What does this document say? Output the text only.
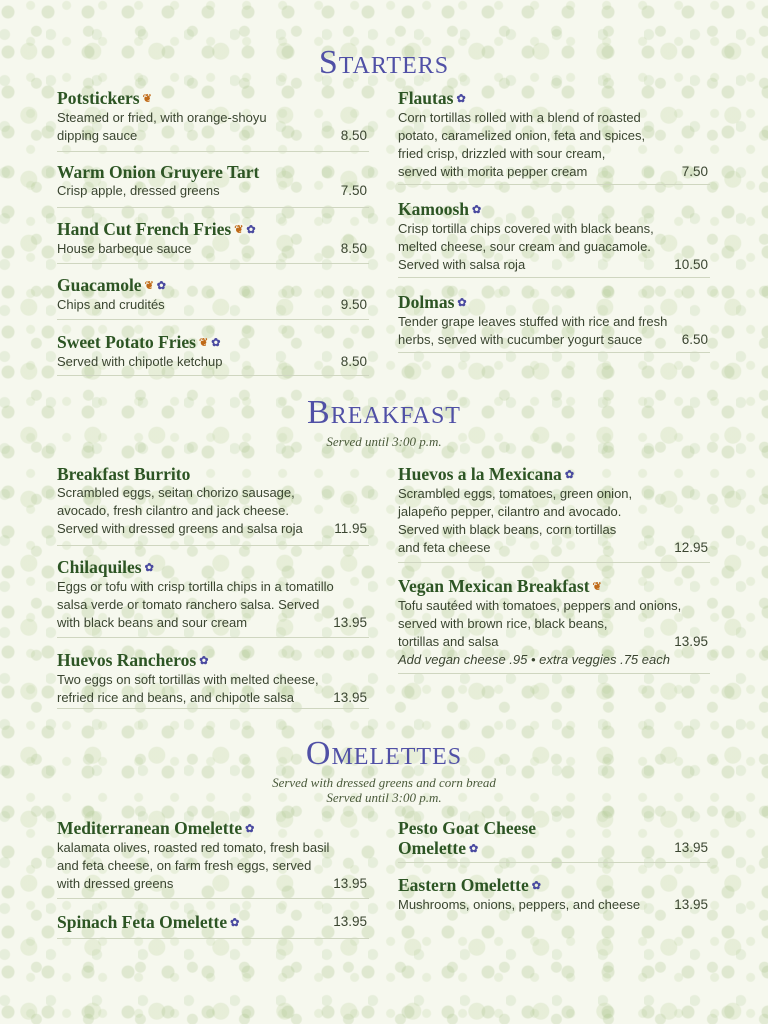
Starters
Potstickers ❦
Steamed or fried, with orange-shoyu
dipping sauce	8.50
Warm Onion Gruyere Tart
Crisp apple, dressed greens	7.50
Hand Cut French Fries ❦ ✿
House barbeque sauce	8.50
Guacamole ❦ ✿
Chips and crudités	9.50
Sweet Potato Fries ❦ ✿
Served with chipotle ketchup	8.50
Flautas ✿
Corn tortillas rolled with a blend of roasted
potato, caramelized onion, feta and spices,
fried crisp, drizzled with sour cream,
served with morita pepper cream	7.50
Kamoosh ✿
Crisp tortilla chips covered with black beans,
melted cheese, sour cream and guacamole.
Served with salsa roja	10.50
Dolmas ✿
Tender grape leaves stuffed with rice and fresh
herbs, served with cucumber yogurt sauce	6.50
Breakfast
Served until 3:00 p.m.
Breakfast Burrito
Scrambled eggs, seitan chorizo sausage,
avocado, fresh cilantro and jack cheese.
Served with dressed greens and salsa roja	11.95
Chilaquiles ✿
Eggs or tofu with crisp tortilla chips in a tomatillo
salsa verde or tomato ranchero salsa. Served
with black beans and sour cream	13.95
Huevos Rancheros ✿
Two eggs on soft tortillas with melted cheese,
refried rice and beans, and chipotle salsa	13.95
Huevos a la Mexicana ✿
Scrambled eggs, tomatoes, green onion,
jalapeño pepper, cilantro and avocado.
Served with black beans, corn tortillas
and feta cheese	12.95
Vegan Mexican Breakfast ❦
Tofu sautéed with tomatoes, peppers and onions,
served with brown rice, black beans,
tortillas and salsa	13.95
Add vegan cheese .95 • extra veggies .75 each
Omelettes
Served with dressed greens and corn bread
Served until 3:00 p.m.
Mediterranean Omelette ✿
kalamata olives, roasted red tomato, fresh basil
and feta cheese, on farm fresh eggs, served
with dressed greens	13.95
Spinach Feta Omelette ✿	13.95
Pesto Goat Cheese
Omelette ✿	13.95
Eastern Omelette ✿
Mushrooms, onions, peppers, and cheese	13.95
